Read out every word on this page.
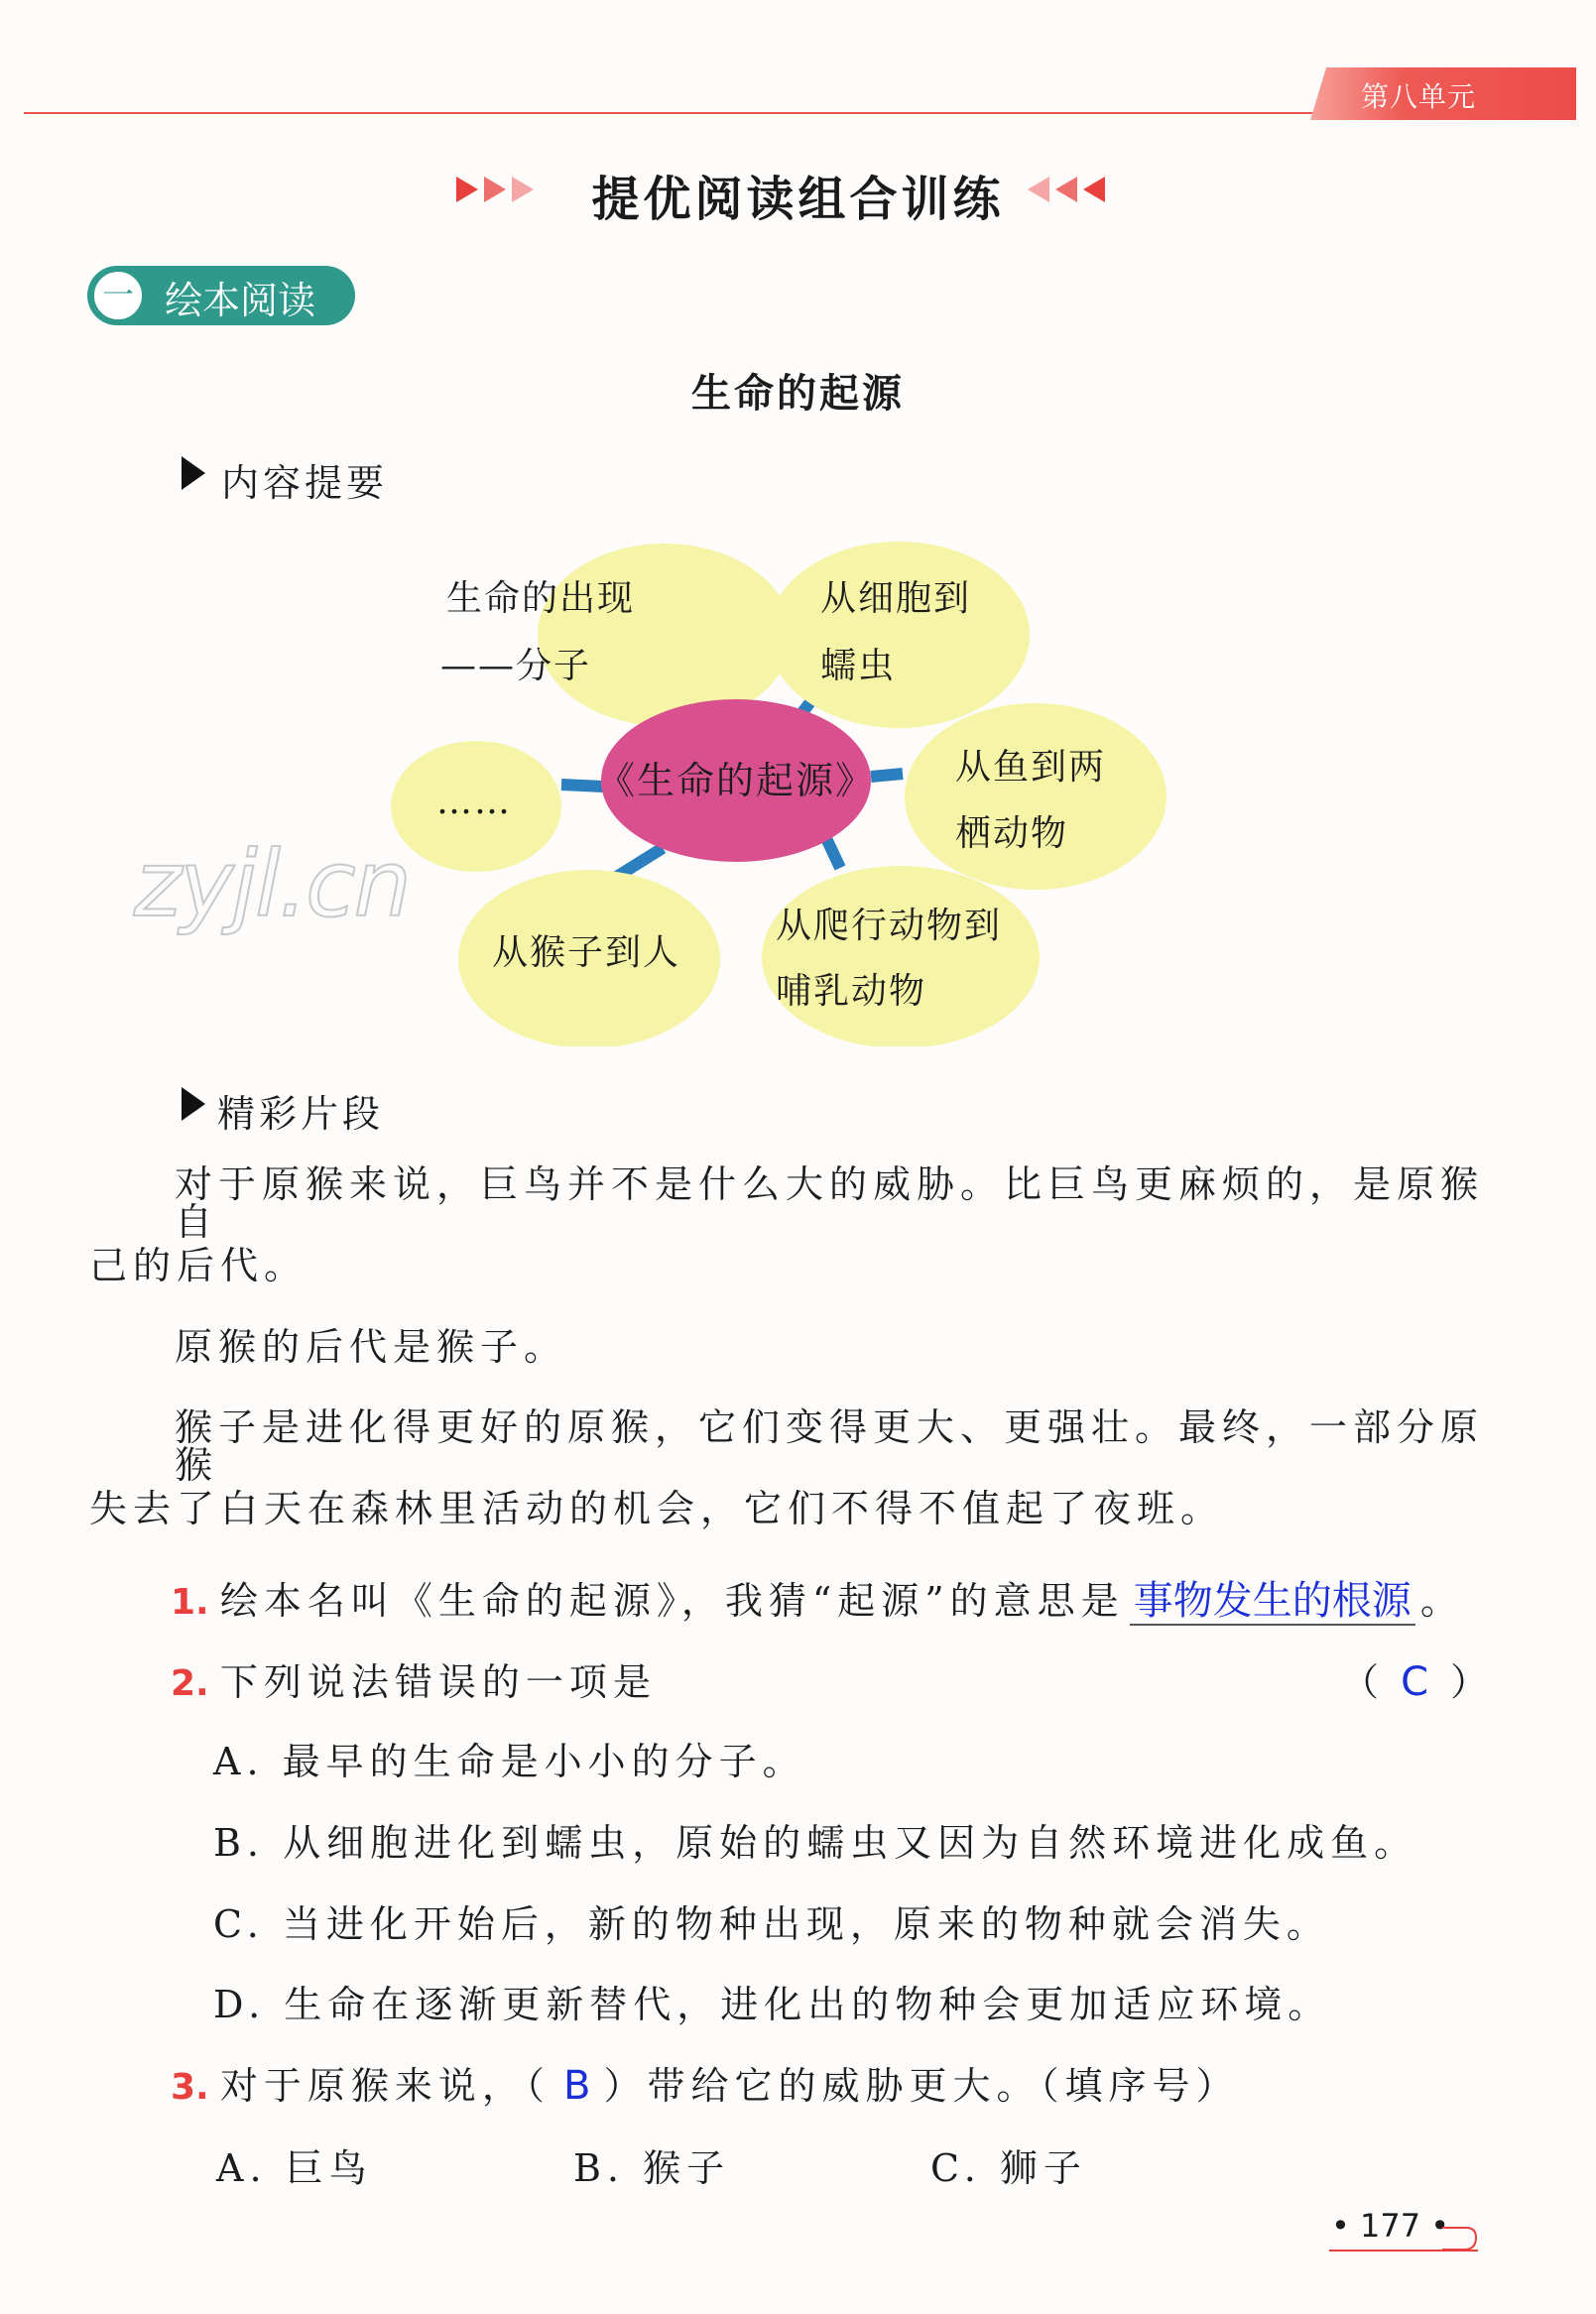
第八单元
提优阅读组合训练
一 绘本阅读
生命的起源
内容提要
《生命的起源》
生命的出现
——分子
从细胞到
蠕虫
从鱼到两
栖动物
从爬行动物到
哺乳动物
从猴子到人
……
zyjl.cn
精彩片段
对于原猴来说，巨鸟并不是什么大的威胁。比巨鸟更麻烦的，是原猴自
己的后代。
原猴的后代是猴子。
猴子是进化得更好的原猴，它们变得更大、更强壮。最终，一部分原猴
失去了白天在森林里活动的机会，它们不得不值起了夜班。
1. 绘本名叫《生命的起源》，我猜“起源”的意思是 事物发生的根源 。
2. 下列说法错误的一项是	（ C ）
A. 最早的生命是小小的分子。
B. 从细胞进化到蠕虫，原始的蠕虫又因为自然环境进化成鱼。
C. 当进化开始后，新的物种出现，原来的物种就会消失。
D. 生命在逐渐更新替代，进化出的物种会更加适应环境。
3. 对于原猴来说，（ B ）带给它的威胁更大。（填序号）
A. 巨鸟	B. 猴子	C. 狮子
• 177 •
